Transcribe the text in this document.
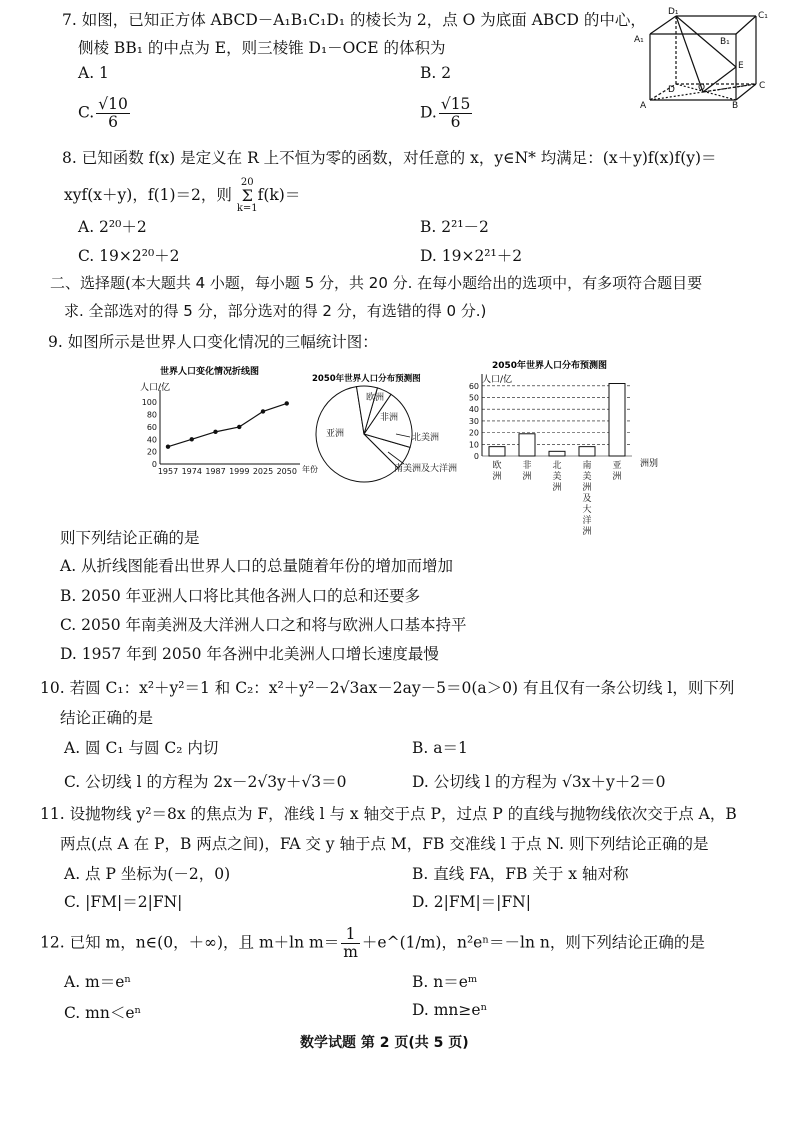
7. 如图，已知正方体 ABCD－A₁B₁C₁D₁ 的棱长为 2，点 O 为底面 ABCD 的中心，
侧棱 BB₁ 的中点为 E，则三棱锥 D₁－OCE 的体积为
A. 1	B. 2
C. $\frac{√10}{6}$	D. $\frac{√15}{6}$
D₁	C₁
A₁	B₁
E
D	O	C
A	B
8. 已知函数 f(x) 是定义在 R 上不恒为零的函数，对任意的 x，y∈N* 均满足：(x＋y)f(x)f(y)＝
xyf(x＋y)，f(1)＝2，则
20
Σ
k=1
f(k)＝
A. 2²⁰＋2	B. 2²¹－2
C. 19×2²⁰＋2	D. 19×2²¹＋2
二、选择题(本大题共 4 小题，每小题 5 分，共 20 分. 在每小题给出的选项中，有多项符合题目要
求. 全部选对的得 5 分，部分选对的得 2 分，有选错的得 0 分.)
9. 如图所示是世界人口变化情况的三幅统计图：
世界人口变化情况折线图
人口/亿
0
20
40
60
80
100
1957 1974 1987 1999 2025 2050 年份
2050年世界人口分布预测图
亚洲
欧洲
非洲
北美洲
南美洲及大洋洲
2050年世界人口分布预测图
人口/亿
0
10
20
30
40
50
60
欧洲
非洲
北美洲
南美洲及大洋洲
亚洲
洲别
则下列结论正确的是
A. 从折线图能看出世界人口的总量随着年份的增加而增加
B. 2050 年亚洲人口将比其他各洲人口的总和还要多
C. 2050 年南美洲及大洋洲人口之和将与欧洲人口基本持平
D. 1957 年到 2050 年各洲中北美洲人口增长速度最慢
10. 若圆 C₁：x²＋y²＝1 和 C₂：x²＋y²－2√3ax－2ay－5＝0(a＞0) 有且仅有一条公切线 l，则下列
结论正确的是
A. 圆 C₁ 与圆 C₂ 内切	B. a＝1
C. 公切线 l 的方程为 2x－2√3y＋√3＝0	D. 公切线 l 的方程为 √3x＋y＋2＝0
11. 设抛物线 y²＝8x 的焦点为 F，准线 l 与 x 轴交于点 P，过点 P 的直线与抛物线依次交于点 A，B
两点(点 A 在 P，B 两点之间)，FA 交 y 轴于点 M，FB 交准线 l 于点 N. 则下列结论正确的是
A. 点 P 坐标为(－2，0)	B. 直线 FA，FB 关于 x 轴对称
C. |FM|＝2|FN|	D. 2|FM|＝|FN|
12. 已知 m，n∈(0，＋∞)，且 m＋ln $m= \frac{1}{m}$ ＋e^(1/m)，n²eⁿ＝－ln n，则下列结论正确的是
A. m＝eⁿ	B. n＝eᵐ
C. mn＜eⁿ	D. mn≥eⁿ
数学试题 第 2 页(共 5 页)
